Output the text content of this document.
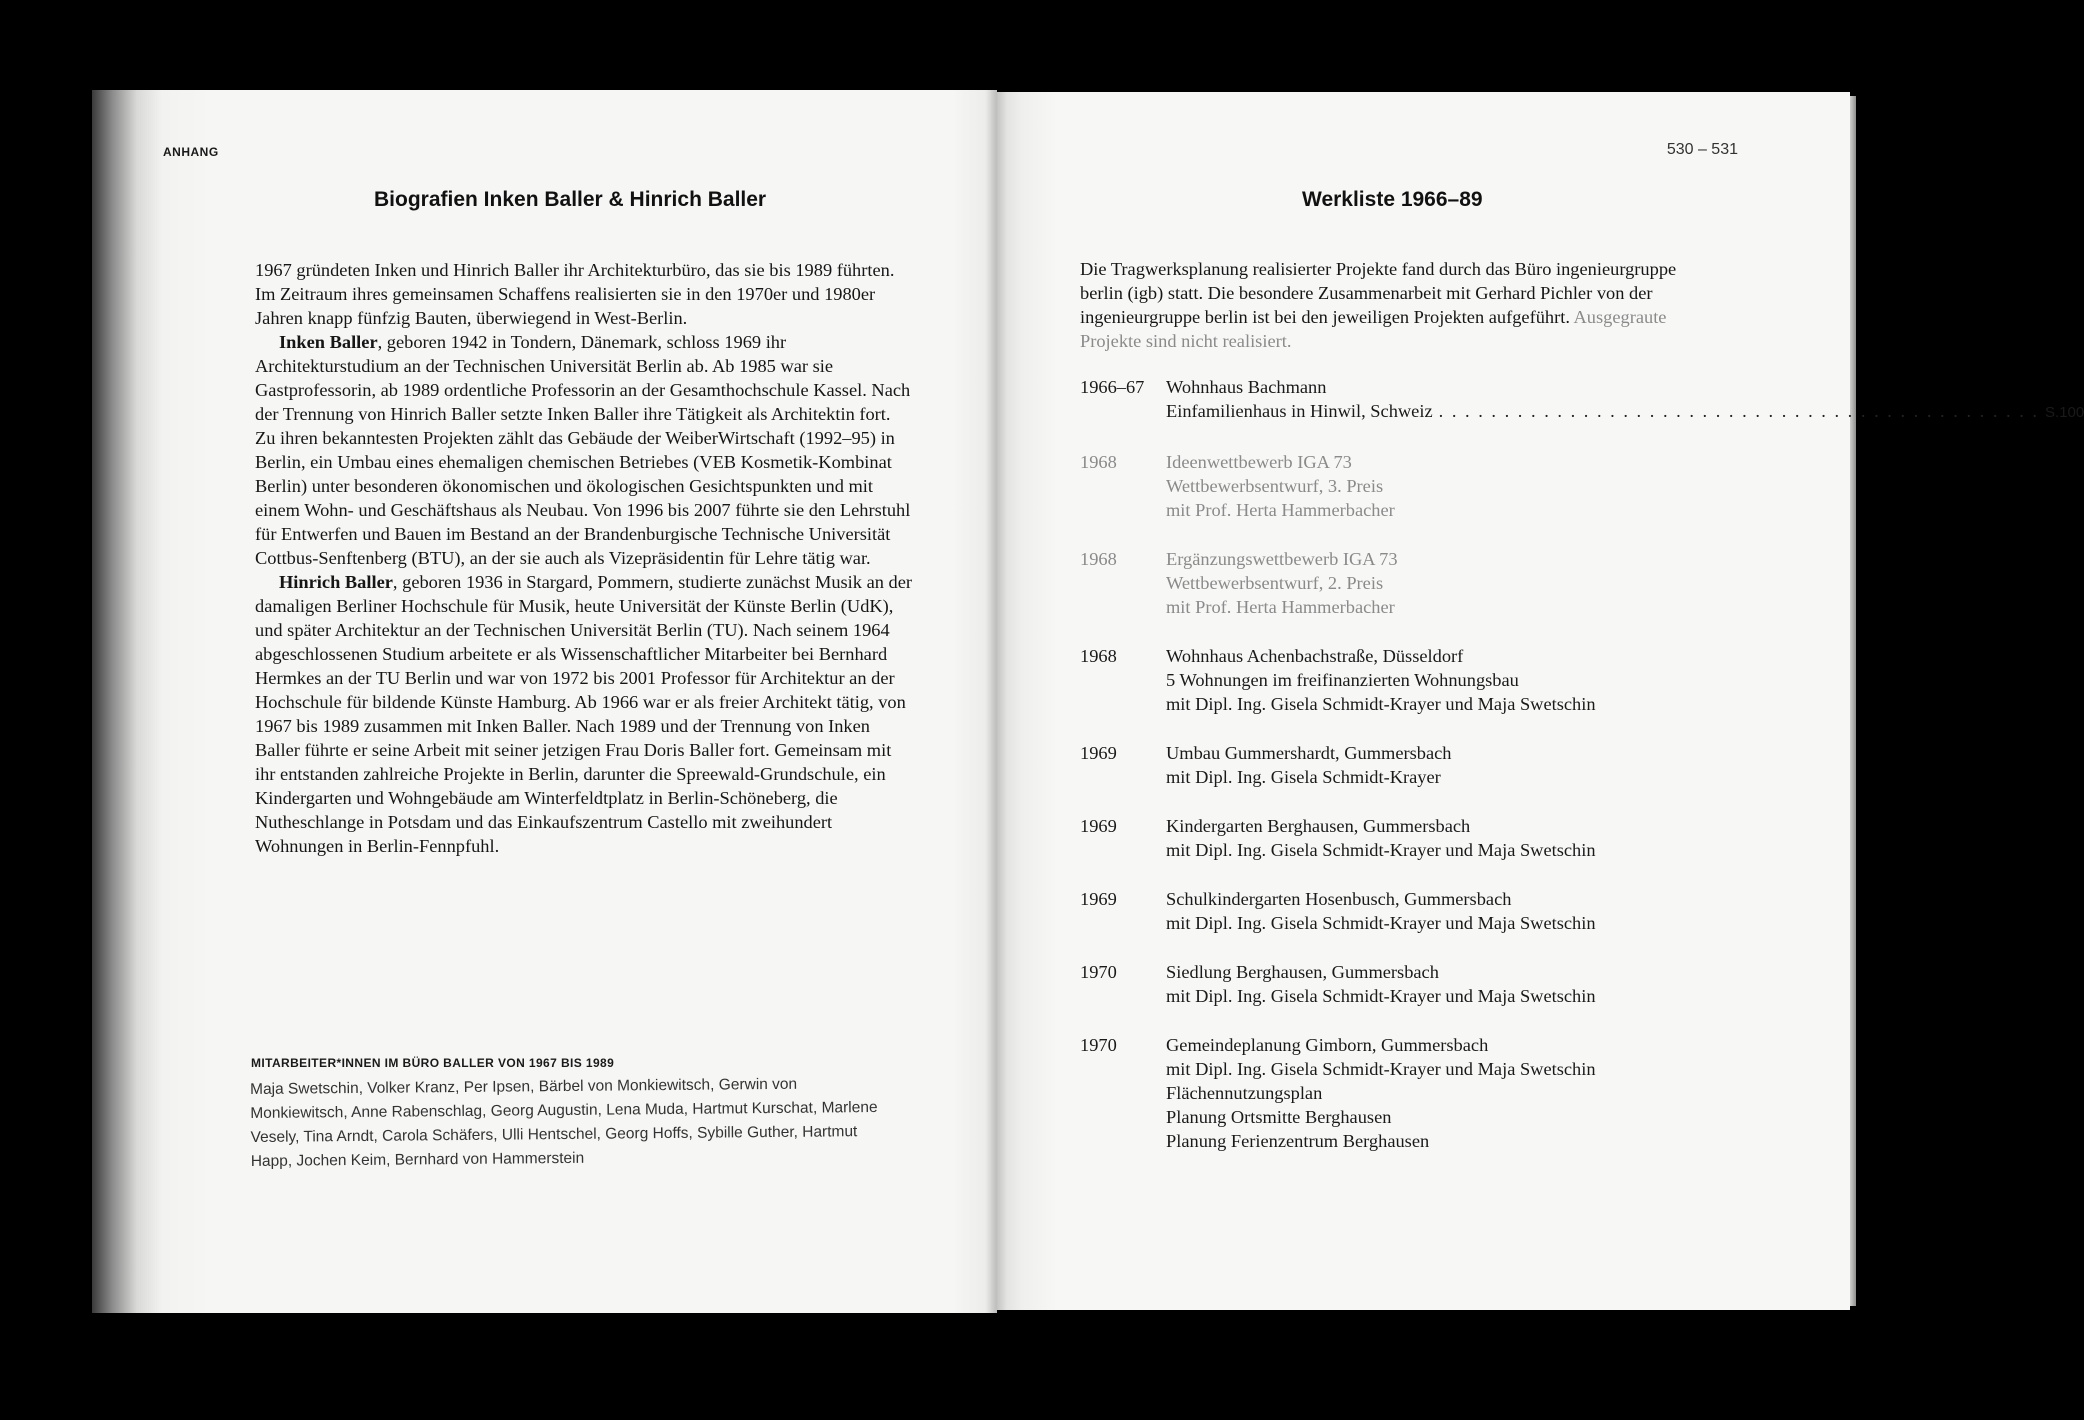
ANHANG	530 – 531
Biografien Inken Baller & Hinrich Baller	Werkliste 1966–89

1967 gründeten Inken und Hinrich Baller ihr Architekturbüro, das sie bis 1989 führten. Im Zeitraum ihres gemeinsamen Schaffens realisierten sie in den 1970er und 1980er Jahren knapp fünfzig Bauten, überwiegend in West-Berlin.

Inken Baller, geboren 1942 in Tondern, Dänemark, schloss 1969 ihr Architekturstudium an der Technischen Universität Berlin ab. Ab 1985 war sie Gastprofessorin, ab 1989 ordentliche Professorin an der Gesamthochschule Kassel. Nach der Trennung von Hinrich Baller setzte Inken Baller ihre Tätigkeit als Architektin fort. Zu ihren bekanntesten Projekten zählt das Gebäude der WeiberWirtschaft (1992–95) in Berlin, ein Umbau eines ehemaligen chemischen Betriebes (VEB Kosmetik-Kombinat Berlin) unter besonderen ökonomischen und ökologischen Gesichtspunkten und mit einem Wohn- und Geschäftshaus als Neubau. Von 1996 bis 2007 führte sie den Lehrstuhl für Entwerfen und Bauen im Bestand an der Brandenburgische Technische Universität Cottbus-Senftenberg (BTU), an der sie auch als Vizepräsidentin für Lehre tätig war.

Hinrich Baller, geboren 1936 in Stargard, Pommern, studierte zunächst Musik an der damaligen Berliner Hochschule für Musik, heute Universität der Künste Berlin (UdK), und später Architektur an der Technischen Universität Berlin (TU). Nach seinem 1964 abgeschlossenen Studium arbeitete er als Wissenschaftlicher Mitarbeiter bei Bernhard Hermkes an der TU Berlin und war von 1972 bis 2001 Professor für Architektur an der Hochschule für bildende Künste Hamburg. Ab 1966 war er als freier Architekt tätig, von 1967 bis 1989 zusammen mit Inken Baller. Nach 1989 und der Trennung von Inken Baller führte er seine Arbeit mit seiner jetzigen Frau Doris Baller fort. Gemeinsam mit ihr entstanden zahlreiche Projekte in Berlin, darunter die Spreewald-Grundschule, ein Kindergarten und Wohngebäude am Winterfeldtplatz in Berlin-Schöneberg, die Nutheschlange in Potsdam und das Einkaufszentrum Castello mit zweihundert Wohnungen in Berlin-Fennpfuhl.

MITARBEITER*INNEN IM BÜRO BALLER VON 1967 BIS 1989
Maja Swetschin, Volker Kranz, Per Ipsen, Bärbel von Monkiewitsch, Gerwin von Monkiewitsch, Anne Rabenschlag, Georg Augustin, Lena Muda, Hartmut Kurschat, Marlene Vesely, Tina Arndt, Carola Schäfers, Ulli Hentschel, Georg Hoffs, Sybille Guther, Hartmut Happ, Jochen Keim, Bernhard von Hammerstein
Die Tragwerksplanung realisierter Projekte fand durch das Büro ingenieurgruppe berlin (igb) statt. Die besondere Zusammenarbeit mit Gerhard Pichler von der ingenieurgruppe berlin ist bei den jeweiligen Projekten aufgeführt. Ausgegraute Projekte sind nicht realisiert.
1966–67	Wohnhaus Bachmann
Einfamilienhaus in Hinwil, Schweiz . . . . . . . . . . . . . . . . . . . . . . . . . . . . . . . . . . . . . . . . . . . . . . S.100
1968	Ideenwettbewerb IGA 73
Wettbewerbsentwurf, 3. Preis
mit Prof. Herta Hammerbacher
1968	Ergänzungswettbewerb IGA 73
Wettbewerbsentwurf, 2. Preis
mit Prof. Herta Hammerbacher
1968	Wohnhaus Achenbachstraße, Düsseldorf
5 Wohnungen im freifinanzierten Wohnungsbau
mit Dipl. Ing. Gisela Schmidt-Krayer und Maja Swetschin
1969	Umbau Gummershardt, Gummersbach
mit Dipl. Ing. Gisela Schmidt-Krayer
1969	Kindergarten Berghausen, Gummersbach
mit Dipl. Ing. Gisela Schmidt-Krayer und Maja Swetschin
1969	Schulkindergarten Hosenbusch, Gummersbach
mit Dipl. Ing. Gisela Schmidt-Krayer und Maja Swetschin
1970	Siedlung Berghausen, Gummersbach
mit Dipl. Ing. Gisela Schmidt-Krayer und Maja Swetschin
1970	Gemeindeplanung Gimborn, Gummersbach
mit Dipl. Ing. Gisela Schmidt-Krayer und Maja Swetschin
Flächennutzungsplan
Planung Ortsmitte Berghausen
Planung Ferienzentrum Berghausen
